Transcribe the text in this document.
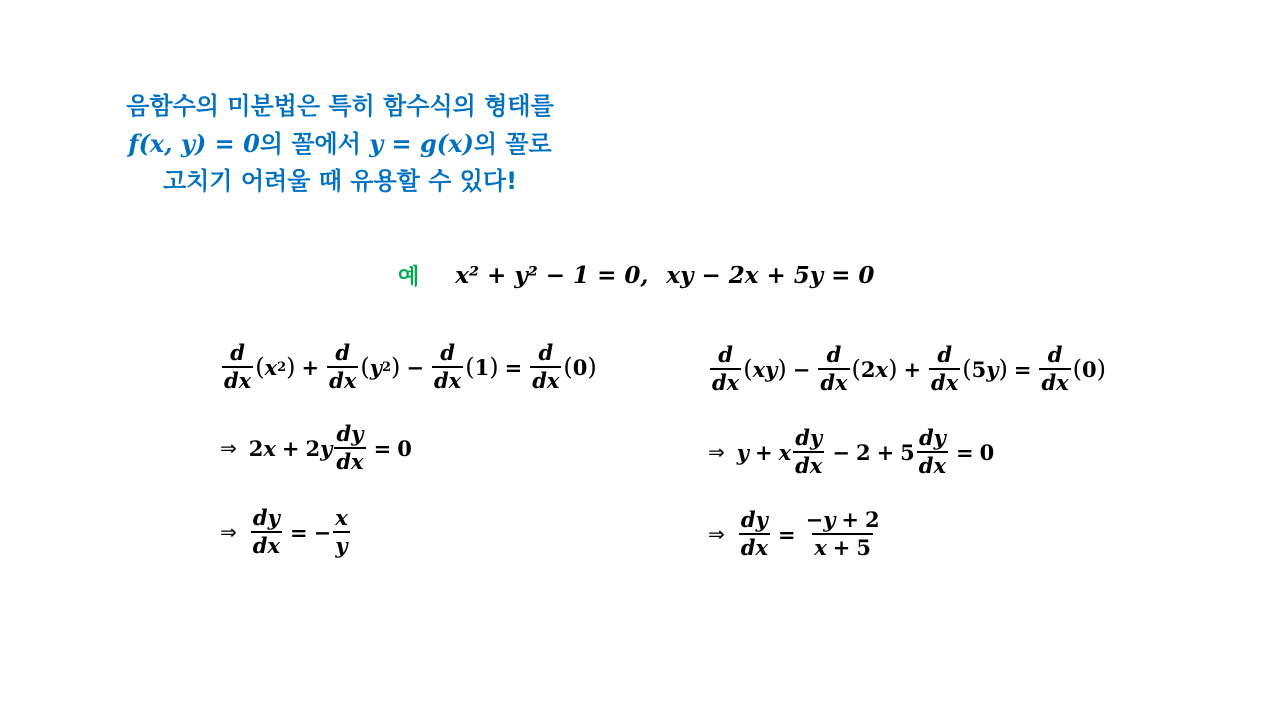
음함수의 미분법은 특히 함수식의 형태를
f(x, y) = 0의 꼴에서 y = g(x)의 꼴로
고치기 어려울 때 유용할 수 있다!
예 x² + y² − 1 = 0, xy − 2x + 5y = 0
$\frac{d}{dx}$ ( x 2 ) + $\frac{d}{dx}$ ( y 2 ) − $\frac{d}{dx}$ ( 1 ) = $\frac{d}{dx}$ ( 0 )
⇒ 2 x + 2 y $\frac{dy}{dx} = 0$
⇒ $\frac{dy}{dx}$ = − $\frac{x}{y}$
$\frac{d}{dx}$ ( xy ) − $\frac{d}{dx}$ ( 2 x ) + $\frac{d}{dx}$ ( 5 y ) = $\frac{d}{dx}$ ( 0 )
⇒ y + x $\frac{dy}{dx} - 2 + 5 \frac{dy}{dx} = 0$
⇒ $\frac{dy}{dx} = \frac{-y + 2}{x + 5}$
